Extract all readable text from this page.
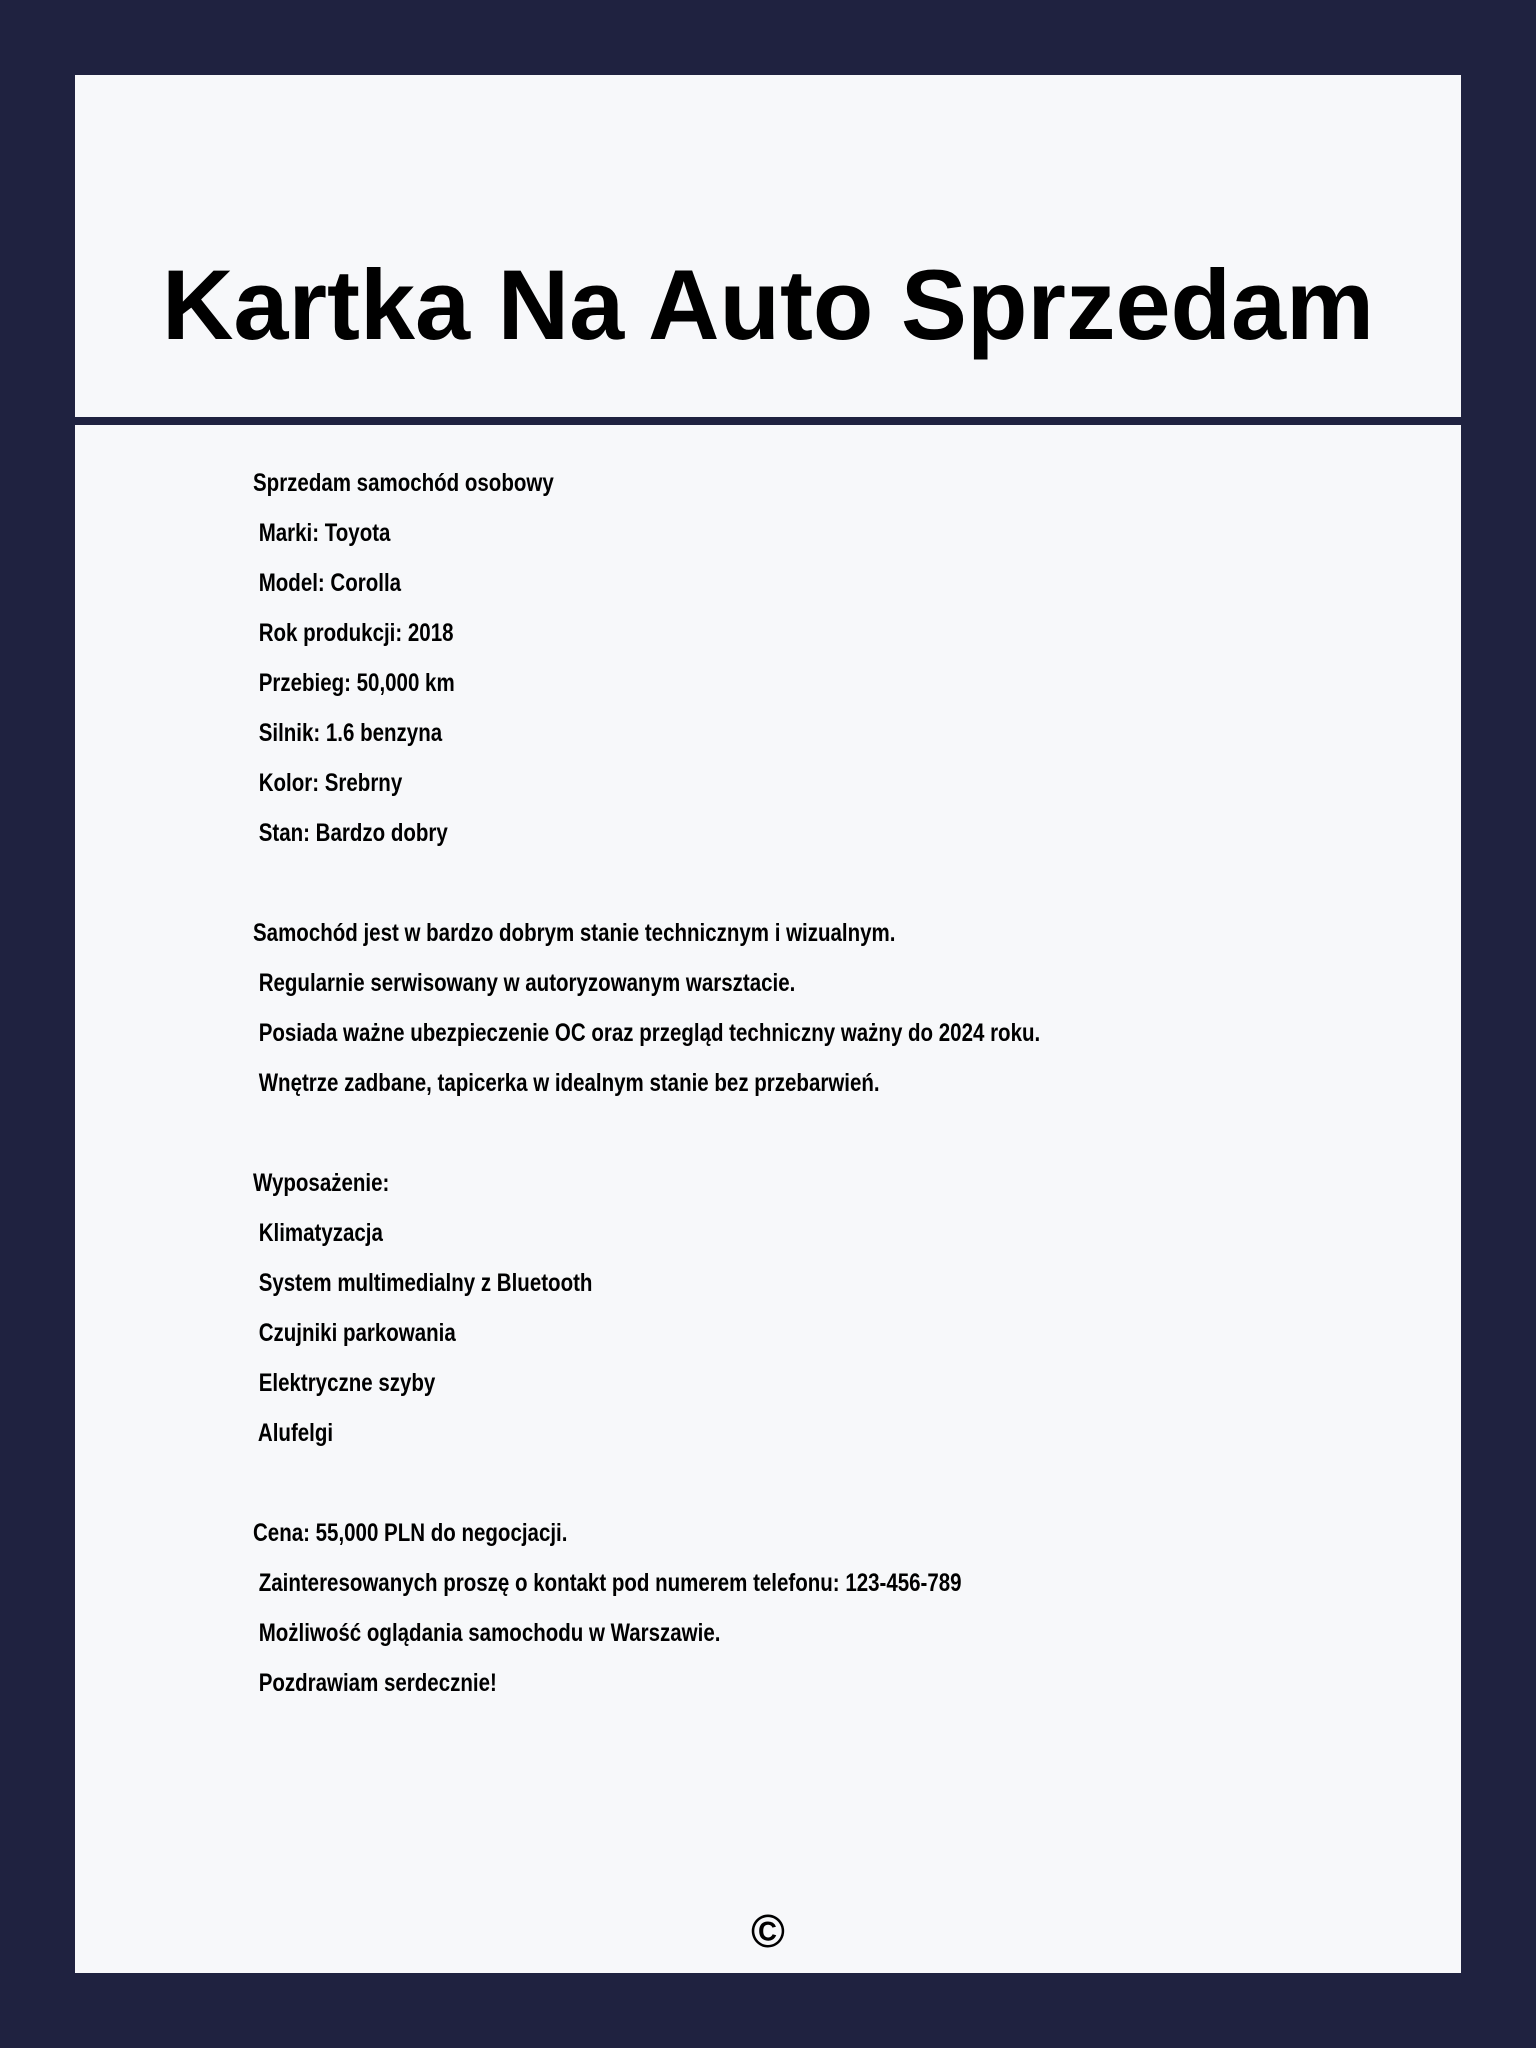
Kartka Na Auto Sprzedam

Sprzedam samochód osobowy

Marki: Toyota

Model: Corolla

Rok produkcji: 2018

Przebieg: 50,000 km

Silnik: 1.6 benzyna

Kolor: Srebrny

Stan: Bardzo dobry

Samochód jest w bardzo dobrym stanie technicznym i wizualnym.

Regularnie serwisowany w autoryzowanym warsztacie.

Posiada ważne ubezpieczenie OC oraz przegląd techniczny ważny do 2024 roku.

Wnętrze zadbane, tapicerka w idealnym stanie bez przebarwień.

Wyposażenie:

Klimatyzacja

System multimedialny z Bluetooth

Czujniki parkowania

Elektryczne szyby

Alufelgi

Cena: 55,000 PLN do negocjacji.

Zainteresowanych proszę o kontakt pod numerem telefonu: 123-456-789

Możliwość oglądania samochodu w Warszawie.

Pozdrawiam serdecznie!

©
